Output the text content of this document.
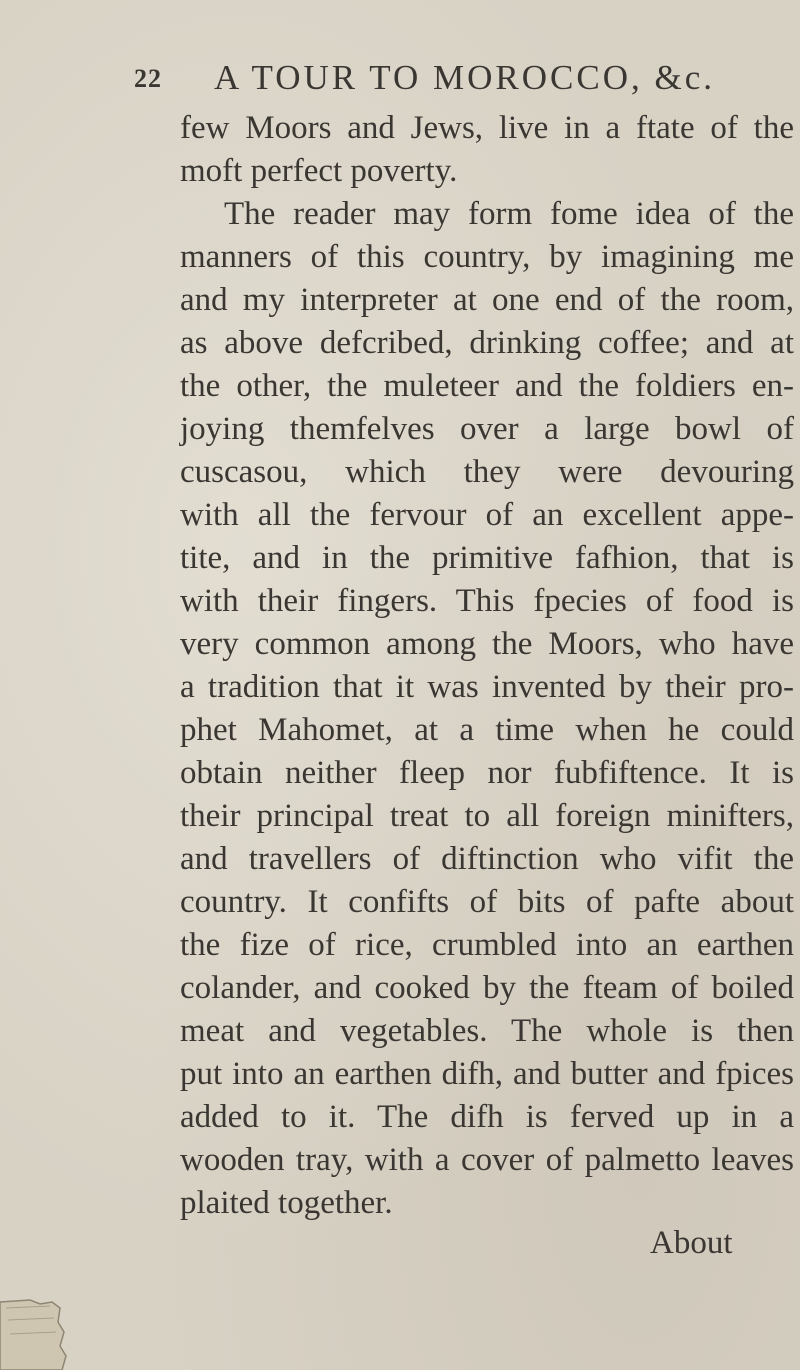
22 A TOUR TO MOROCCO, &c.
few Moors and Jews, live in a ftate of the
moft perfect poverty.
The reader may form fome idea of the
manners of this country, by imagining me
and my interpreter at one end of the room,
as above defcribed, drinking coffee; and at
the other, the muleteer and the foldiers en-
joying themfelves over a large bowl of
cuscasou, which they were devouring
with all the fervour of an excellent appe-
tite, and in the primitive fafhion, that is
with their fingers. This fpecies of food is
very common among the Moors, who have
a tradition that it was invented by their pro-
phet Mahomet, at a time when he could
obtain neither fleep nor fubfiftence. It is
their principal treat to all foreign minifters,
and travellers of diftinction who vifit the
country. It confifts of bits of pafte about
the fize of rice, crumbled into an earthen
colander, and cooked by the fteam of boiled
meat and vegetables. The whole is then
put into an earthen difh, and butter and fpices
added to it. The difh is ferved up in a
wooden tray, with a cover of palmetto leaves
plaited together.
About
